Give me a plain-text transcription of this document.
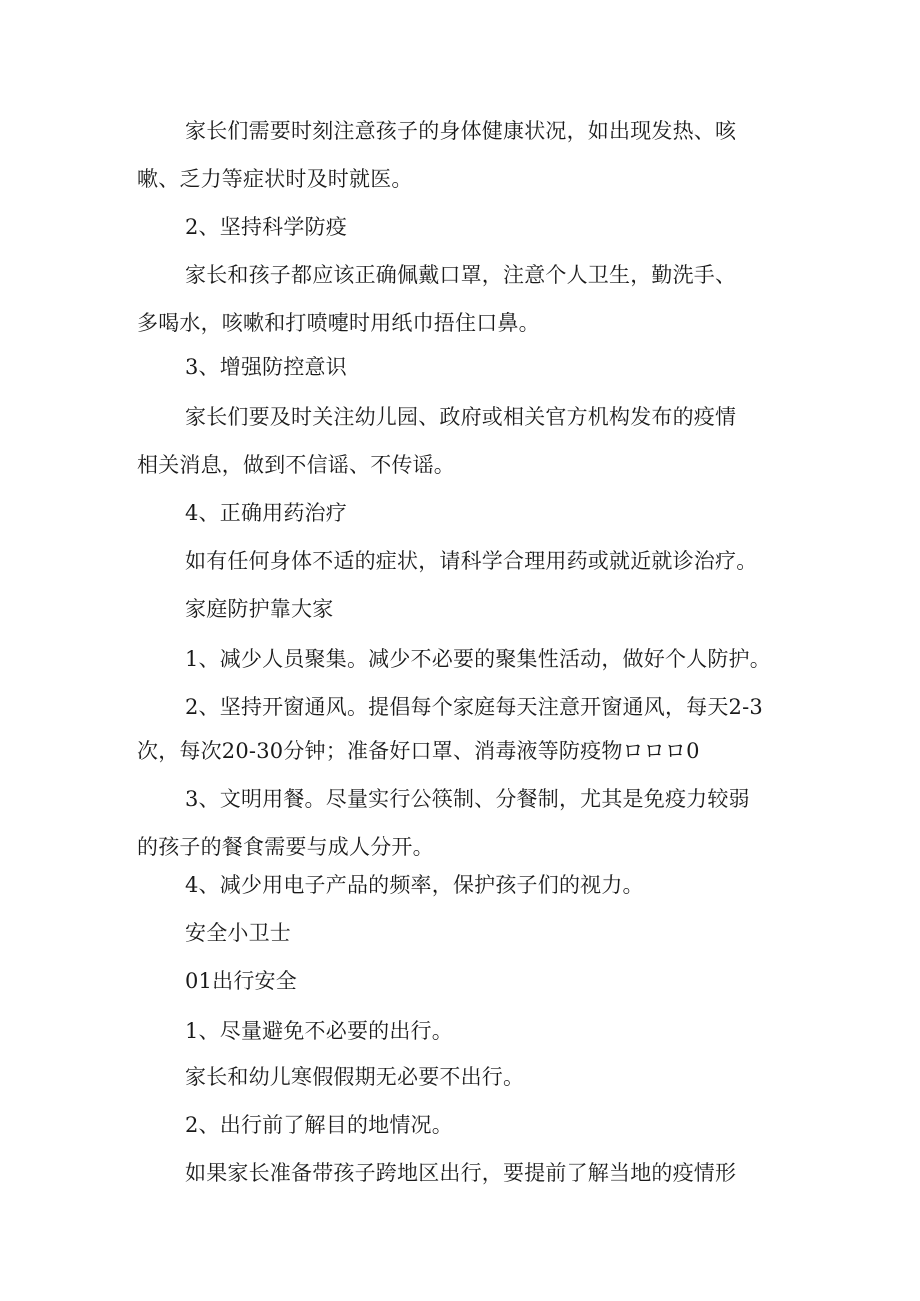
家长们需要时刻注意孩子的身体健康状况，如出现发热、咳
嗽、乏力等症状时及时就医。
2、坚持科学防疫
家长和孩子都应该正确佩戴口罩，注意个人卫生，勤洗手、
多喝水，咳嗽和打喷嚏时用纸巾捂住口鼻。
3、增强防控意识
家长们要及时关注幼儿园、政府或相关官方机构发布的疫情
相关消息，做到不信谣、不传谣。
4、正确用药治疗
如有任何身体不适的症状，请科学合理用药或就近就诊治疗。
家庭防护靠大家
1、减少人员聚集。减少不必要的聚集性活动，做好个人防护。
2、坚持开窗通风。提倡每个家庭每天注意开窗通风，每天2-3
次，每次20-30分钟；准备好口罩、消毒液等防疫物ロロロ0
3、文明用餐。尽量实行公筷制、分餐制，尤其是免疫力较弱
的孩子的餐食需要与成人分开。
4、减少用电子产品的频率，保护孩子们的视力。
安全小卫士
01出行安全
1、尽量避免不必要的出行。
家长和幼儿寒假假期无必要不出行。
2、出行前了解目的地情况。
如果家长准备带孩子跨地区出行，要提前了解当地的疫情形
